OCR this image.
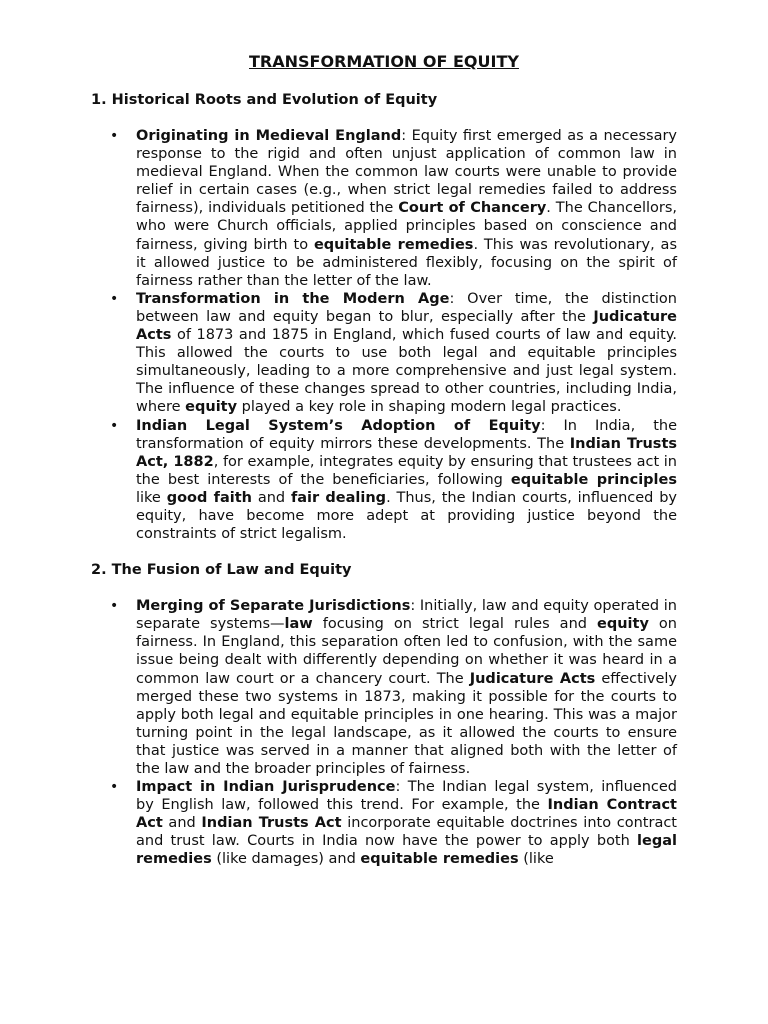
TRANSFORMATION OF EQUITY
1. Historical Roots and Evolution of Equity
• Originating in Medieval England: Equity first emerged as a necessary response to the rigid and often unjust application of common law in medieval England. When the common law courts were unable to provide relief in certain cases (e.g., when strict legal remedies failed to address fairness), individuals petitioned the Court of Chancery. The Chancellors, who were Church officials, applied principles based on conscience and fairness, giving birth to equitable remedies. This was revolutionary, as it allowed justice to be administered flexibly, focusing on the spirit of fairness rather than the letter of the law.
• Transformation in the Modern Age: Over time, the distinction between law and equity began to blur, especially after the Judicature Acts of 1873 and 1875 in England, which fused courts of law and equity. This allowed the courts to use both legal and equitable principles simultaneously, leading to a more comprehensive and just legal system. The influence of these changes spread to other countries, including India, where equity played a key role in shaping modern legal practices.
• Indian Legal System’s Adoption of Equity: In India, the transformation of equity mirrors these developments. The Indian Trusts Act, 1882, for example, integrates equity by ensuring that trustees act in the best interests of the beneficiaries, following equitable principles like good faith and fair dealing. Thus, the Indian courts, influenced by equity, have become more adept at providing justice beyond the constraints of strict legalism.
2. The Fusion of Law and Equity
• Merging of Separate Jurisdictions: Initially, law and equity operated in separate systems—law focusing on strict legal rules and equity on fairness. In England, this separation often led to confusion, with the same issue being dealt with differently depending on whether it was heard in a common law court or a chancery court. The Judicature Acts effectively merged these two systems in 1873, making it possible for the courts to apply both legal and equitable principles in one hearing. This was a major turning point in the legal landscape, as it allowed the courts to ensure that justice was served in a manner that aligned both with the letter of the law and the broader principles of fairness.
• Impact in Indian Jurisprudence: The Indian legal system, influenced by English law, followed this trend. For example, the Indian Contract Act and Indian Trusts Act incorporate equitable doctrines into contract and trust law. Courts in India now have the power to apply both legal remedies (like damages) and equitable remedies (like
